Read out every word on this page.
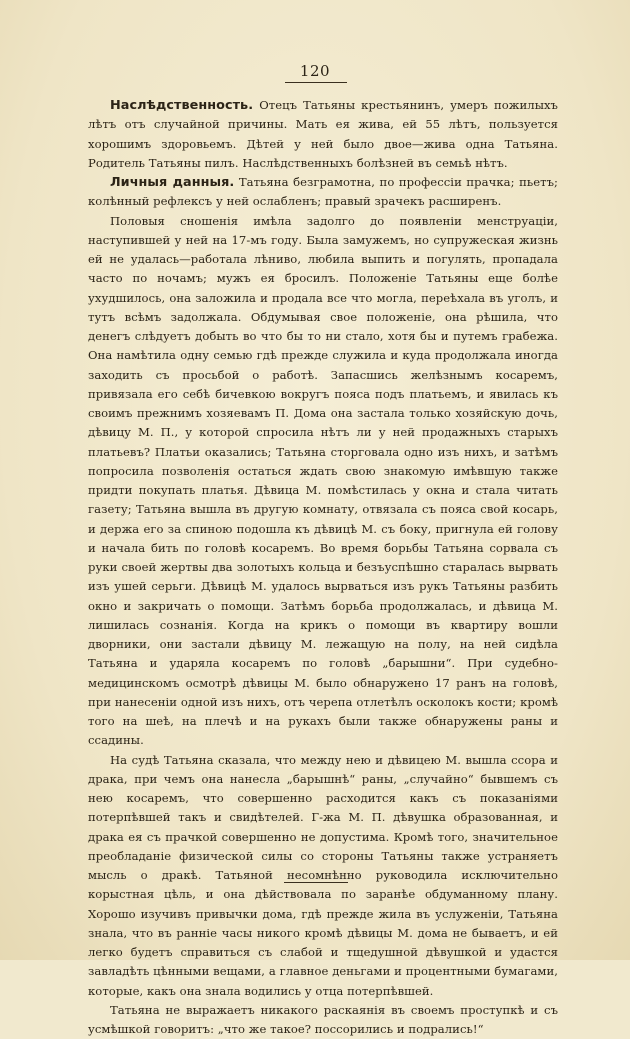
120

Наслѣдственность. Отецъ Татьяны крестьянинъ, умеръ пожилыхъ лѣтъ отъ случайной причины. Мать ея жива, ей 55 лѣтъ, пользуется хорошимъ здоровьемъ. Дѣтей у ней было двое—жива одна Татьяна. Родитель Татьяны пилъ. Наслѣдственныхъ болѣзней въ семьѣ нѣтъ.

Личныя данныя. Татьяна безграмотна, по профессіи прачка; пьетъ; колѣнный рефлексъ у ней ослабленъ; правый зрачекъ расширенъ.

Половыя сношенія имѣла задолго до появленіи менструаціи, наступившей у ней на 17-мъ году. Была замужемъ, но супружеская жизнь ей не удалась—работала лѣниво, любила выпить и погулять, пропадала часто по ночамъ; мужъ ея бросилъ. Положеніе Татьяны еще болѣе ухудшилось, она заложила и продала все что могла, переѣхала въ уголъ, и тутъ всѣмъ задолжала. Обдумывая свое положеніе, она рѣшила, что денегъ слѣдуетъ добыть во что бы то ни стало, хотя бы и путемъ грабежа. Она намѣтила одну семью гдѣ прежде служила и куда продолжала иногда заходить съ просьбой о работѣ. Запасшись желѣзнымъ косаремъ, привязала его себѣ бичевкою вокругъ пояса подъ платьемъ, и явилась къ своимъ прежнимъ хозяевамъ П. Дома она застала только хозяйскую дочь, дѣвицу М. П., у которой спросила нѣтъ ли у ней продажныхъ старыхъ платьевъ? Платьи оказались; Татьяна сторговала одно изъ нихъ, и затѣмъ попросила позволенія остаться ждать свою знакомую имѣвшую также придти покупать платья. Дѣвица М. помѣстилась у окна и стала читать газету; Татьяна вышла въ другую комнату, отвязала съ пояса свой косарь, и держа его за спиною подошла къ дѣвицѣ М. съ боку, пригнула ей голову и начала бить по головѣ косаремъ. Во время борьбы Татьяна сорвала съ руки своей жертвы два золотыхъ кольца и безъуспѣшно старалась вырвать изъ ушей серьги. Дѣвицѣ М. удалось вырваться изъ рукъ Татьяны разбить окно и закричать о помощи. Затѣмъ борьба продолжалась, и дѣвица М. лишилась сознанія. Когда на крикъ о помощи въ квартиру вошли дворники, они застали дѣвицу М. лежащую на полу, на ней сидѣла Татьяна и ударяла косаремъ по головѣ „барышни“. При судебно-медицинскомъ осмотрѣ дѣвицы М. было обнаружено 17 ранъ на головѣ, при нанесеніи одной изъ нихъ, отъ черепа отлетѣлъ осколокъ кости; кромѣ того на шеѣ, на плечѣ и на рукахъ были также обнаружены раны и ссадины.

На судѣ Татьяна сказала, что между нею и дѣвицею М. вышла ссора и драка, при чемъ она нанесла „барышнѣ“ раны, „случайно“ бывшемъ съ нею косаремъ, что совершенно расходится какъ съ показаніями потерпѣвшей такъ и свидѣтелей. Г-жа М. П. дѣвушка образованная, и драка ея съ прачкой совершенно не допустима. Кромѣ того, значительное преобладаніе физической силы со стороны Татьяны также устраняетъ мысль о дракѣ. Татьяной несомнѣнно руководила исключительно корыстная цѣль, и она дѣйствовала по заранѣе обдуманному плану. Хорошо изучивъ привычки дома, гдѣ прежде жила въ услуженіи, Татьяна знала, что въ ранніе часы никого кромѣ дѣвицы М. дома не бываетъ, и ей легко будетъ справиться съ слабой и тщедушной дѣвушкой и удастся завладѣть цѣнными вещами, а главное деньгами и процентными бумагами, которые, какъ она знала водились у отца потерпѣвшей.

Татьяна не выражаетъ никакого раскаянія въ своемъ проступкѣ и съ усмѣшкой говоритъ: „что же такое? поссорились и подрались!“
